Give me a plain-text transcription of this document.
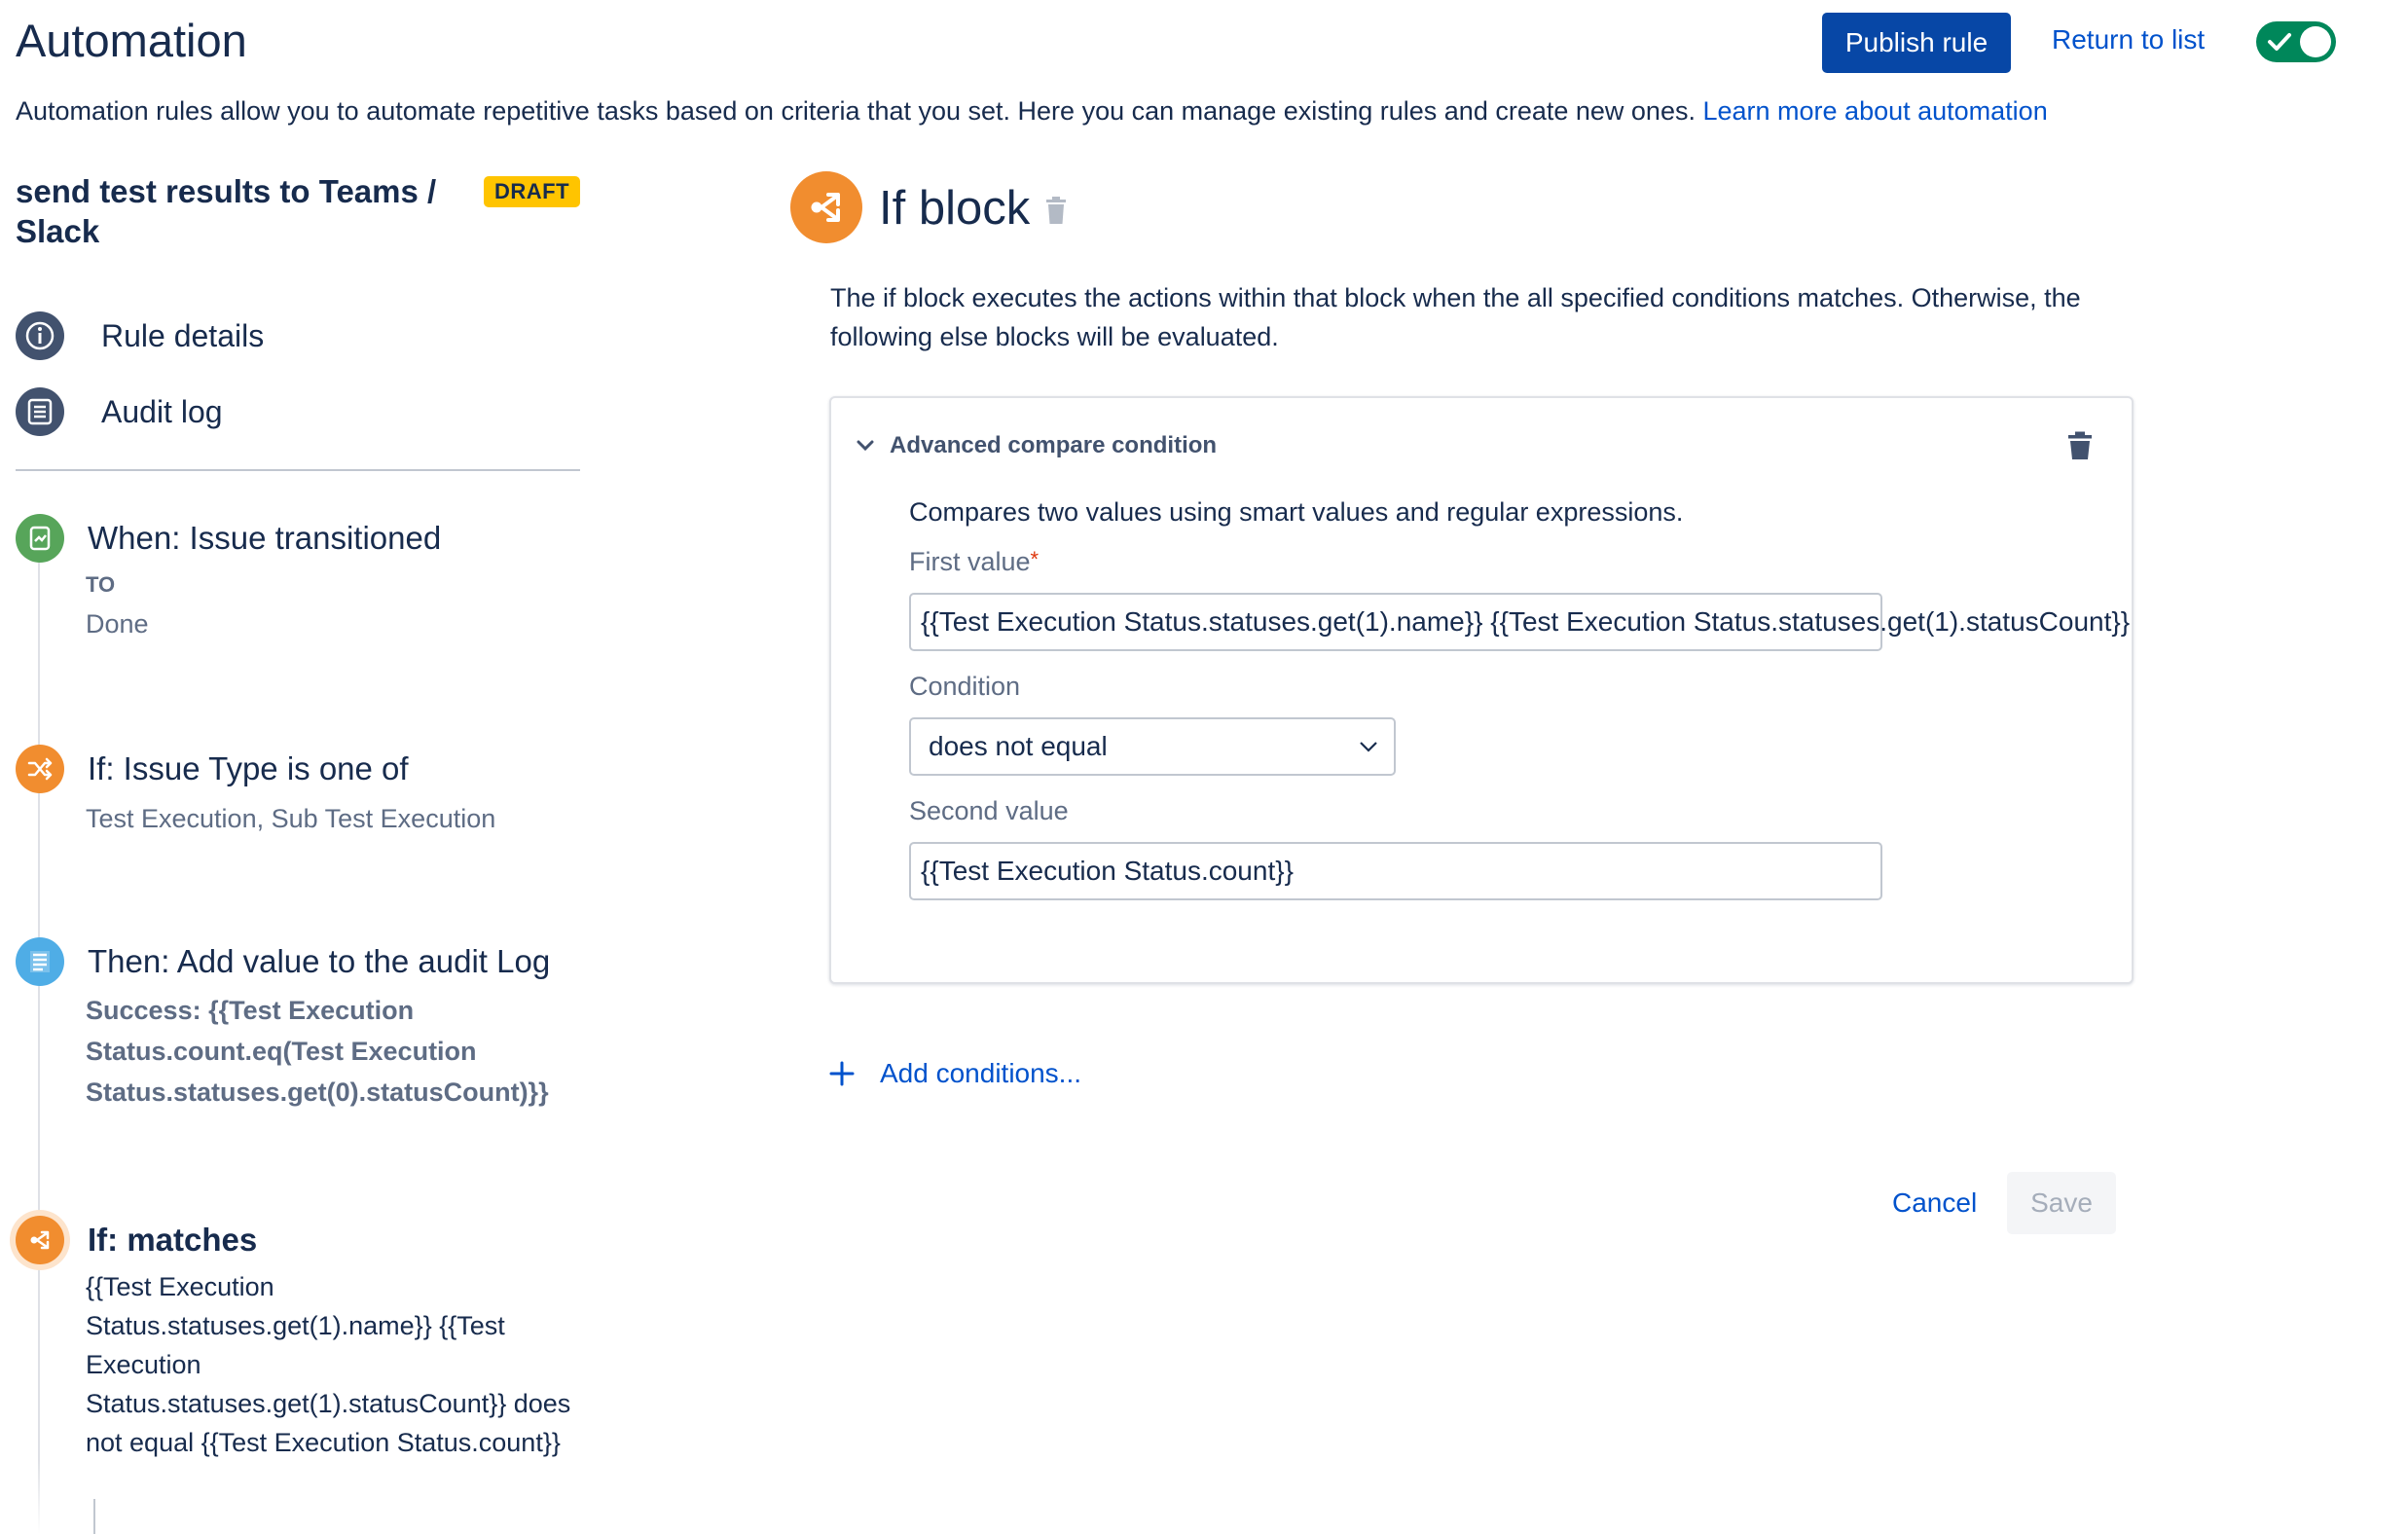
Automation	Publish rule	Return to list
Automation rules allow you to automate repetitive tasks based on criteria that you set. Here you can manage existing rules and create new ones. Learn more about automation
send test results to Teams / Slack
DRAFT
Rule details
Audit log
When: Issue transitioned
TO
Done
If: Issue Type is one of
Test Execution, Sub Test Execution
Then: Add value to the audit Log
Success: {{Test Execution Status.count.eq(Test Execution Status.statuses.get(0).statusCount)}}
If: matches
{{Test Execution Status.statuses.get(1).name}} {{Test Execution Status.statuses.get(1).statusCount}} does not equal {{Test Execution Status.count}}
If block
The if block executes the actions within that block when the all specified conditions matches. Otherwise, the following else blocks will be evaluated.
Advanced compare condition
Compares two values using smart values and regular expressions.
First value*
{{Test Execution Status.statuses.get(1).name}} {{Test Execution Status.statuses.get(1).statusCount}}
Condition
does not equal
Second value
{{Test Execution Status.count}}
Add conditions...
Cancel	Save
